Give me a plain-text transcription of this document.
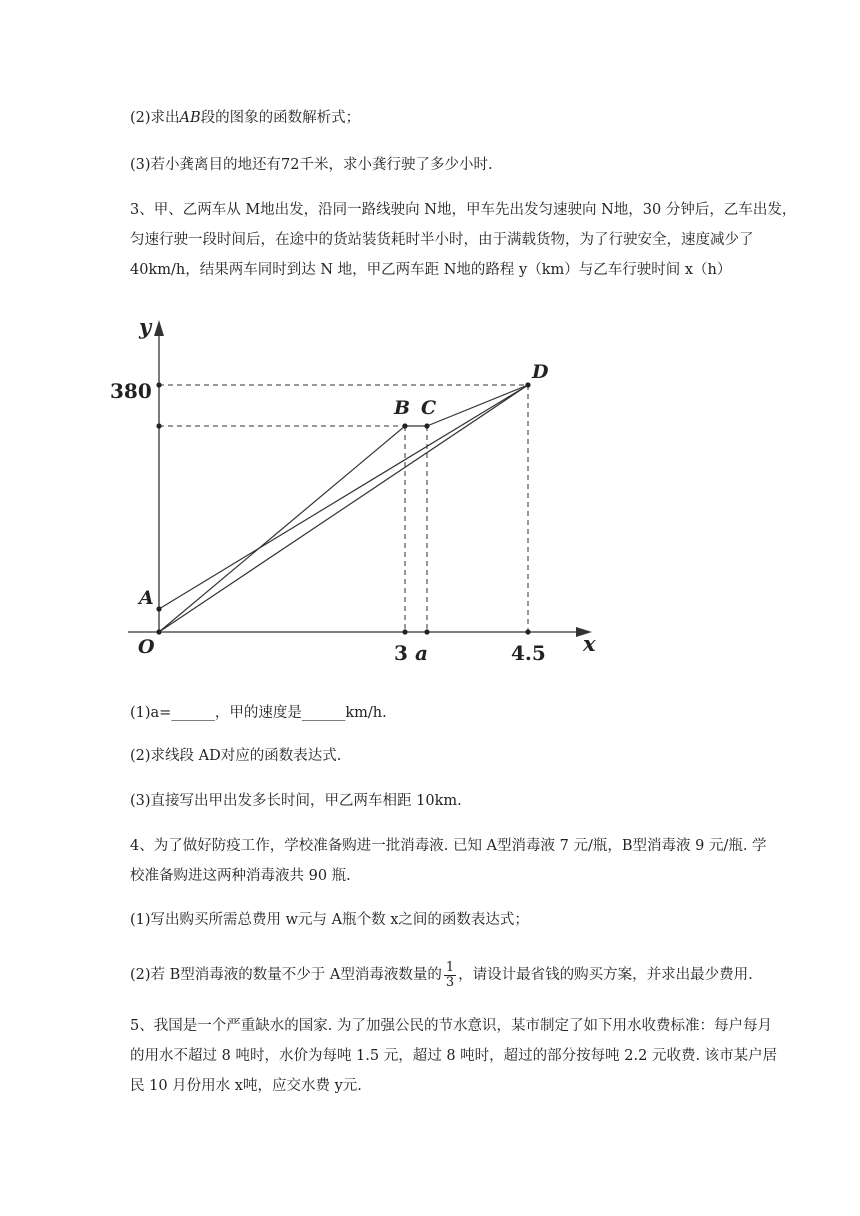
(2)求出AB段的图象的函数解析式；
(3)若小龚离目的地还有72千米，求小龚行驶了多少小时.
3、甲、乙两车从 M地出发，沿同一路线驶向 N地，甲车先出发匀速驶向 N地，30 分钟后，乙车出发，
匀速行驶一段时间后，在途中的货站装货耗时半小时，由于满载货物，为了行驶安全，速度减少了
40km/h，结果两车同时到达 N 地，甲乙两车距 N地的路程 y（km）与乙车行驶时间 x（h）
y
x
O
380
3 a	4.5
A
B C
D
(1)a=______，甲的速度是______km/h.
(2)求线段 AD对应的函数表达式.
(3)直接写出甲出发多长时间，甲乙两车相距 10km.
4、为了做好防疫工作，学校准备购进一批消毒液. 已知 A型消毒液 7 元/瓶，B型消毒液 9 元/瓶. 学
校准备购进这两种消毒液共 90 瓶.
(1)写出购买所需总费用 w元与 A瓶个数 x之间的函数表达式；
(2)若 B型消毒液的数量不少于 A型消毒液数量的 $\frac{1}{3}$ ，请设计最省钱的购买方案，并求出最少费用.
5、我国是一个严重缺水的国家. 为了加强公民的节水意识，某市制定了如下用水收费标准：每户每月
的用水不超过 8 吨时，水价为每吨 1.5 元，超过 8 吨时，超过的部分按每吨 2.2 元收费. 该市某户居
民 10 月份用水 x吨，应交水费 y元.
